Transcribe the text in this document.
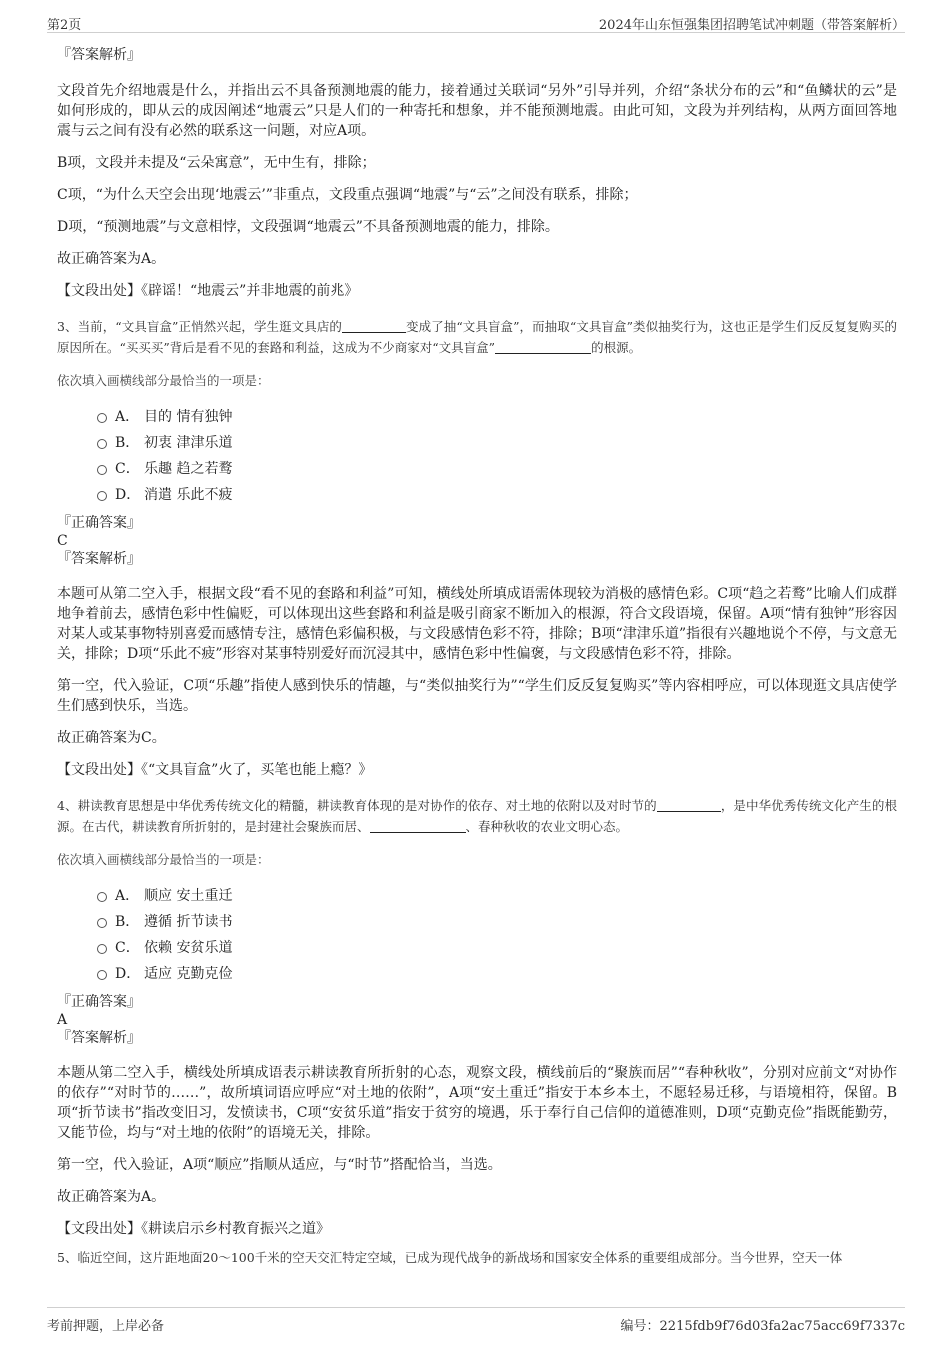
第2页	2024年山东恒强集团招聘笔试冲刺题（带答案解析）

『答案解析』

文段首先介绍地震是什么，并指出云不具备预测地震的能力，接着通过关联词“另外”引导并列，介绍“条状分布的云”和“鱼鳞状的云”是如何形成的，即从云的成因阐述“地震云”只是人们的一种寄托和想象，并不能预测地震。由此可知，文段为并列结构，从两方面回答地震与云之间有没有必然的联系这一问题，对应A项。

B项，文段并未提及“云朵寓意”，无中生有，排除；

C项，“为什么天空会出现‘地震云’”非重点，文段重点强调“地震”与“云”之间没有联系，排除；

D项，“预测地震”与文意相悖，文段强调“地震云”不具备预测地震的能力，排除。

故正确答案为A。

【文段出处】《辟谣！“地震云”并非地震的前兆》

3、当前，“文具盲盒”正悄然兴起，学生逛文具店的	变成了抽“文具盲盒”，而抽取“文具盲盒”类似抽奖行为，这也正是学生们反反复复购买的原因所在。“买买买”背后是看不见的套路和利益，这成为不少商家对“文具盲盒”	的根源。

依次填入画横线部分最恰当的一项是：

A． 目的 情有独钟
B． 初衷 津津乐道
C． 乐趣 趋之若鹜
D． 消遣 乐此不疲

『正确答案』

C

『答案解析』

本题可从第二空入手，根据文段“看不见的套路和利益”可知，横线处所填成语需体现较为消极的感情色彩。C项“趋之若鹜”比喻人们成群地争着前去，感情色彩中性偏贬，可以体现出这些套路和利益是吸引商家不断加入的根源，符合文段语境，保留。A项“情有独钟”形容因对某人或某事物特别喜爱而感情专注，感情色彩偏积极，与文段感情色彩不符，排除；B项“津津乐道”指很有兴趣地说个不停，与文意无关，排除；D项“乐此不疲”形容对某事特别爱好而沉浸其中，感情色彩中性偏褒，与文段感情色彩不符，排除。

第一空，代入验证，C项“乐趣”指使人感到快乐的情趣，与“类似抽奖行为”“学生们反反复复购买”等内容相呼应，可以体现逛文具店使学生们感到快乐，当选。

故正确答案为C。

【文段出处】《“文具盲盒”火了，买笔也能上瘾？》

4、耕读教育思想是中华优秀传统文化的精髓，耕读教育体现的是对协作的依存、对土地的依附以及对时节的	，是中华优秀传统文化产生的根源。在古代，耕读教育所折射的，是封建社会聚族而居、	、春种秋收的农业文明心态。

依次填入画横线部分最恰当的一项是：

A． 顺应 安土重迁
B． 遵循 折节读书
C． 依赖 安贫乐道
D． 适应 克勤克俭

『正确答案』

A

『答案解析』

本题从第二空入手，横线处所填成语表示耕读教育所折射的心态，观察文段，横线前后的“聚族而居”“春种秋收”，分别对应前文“对协作的依存”“对时节的……”，故所填词语应呼应“对土地的依附”，A项“安土重迁”指安于本乡本土，不愿轻易迁移，与语境相符，保留。B项“折节读书”指改变旧习，发愤读书，C项“安贫乐道”指安于贫穷的境遇，乐于奉行自己信仰的道德准则，D项“克勤克俭”指既能勤劳，又能节俭，均与“对土地的依附”的语境无关，排除。

第一空，代入验证，A项“顺应”指顺从适应，与“时节”搭配恰当，当选。

故正确答案为A。

【文段出处】《耕读启示乡村教育振兴之道》

5、临近空间，这片距地面20～100千米的空天交汇特定空域，已成为现代战争的新战场和国家安全体系的重要组成部分。当今世界，空天一体

考前押题，上岸必备	编号：2215fdb9f76d03fa2ac75acc69f7337c
